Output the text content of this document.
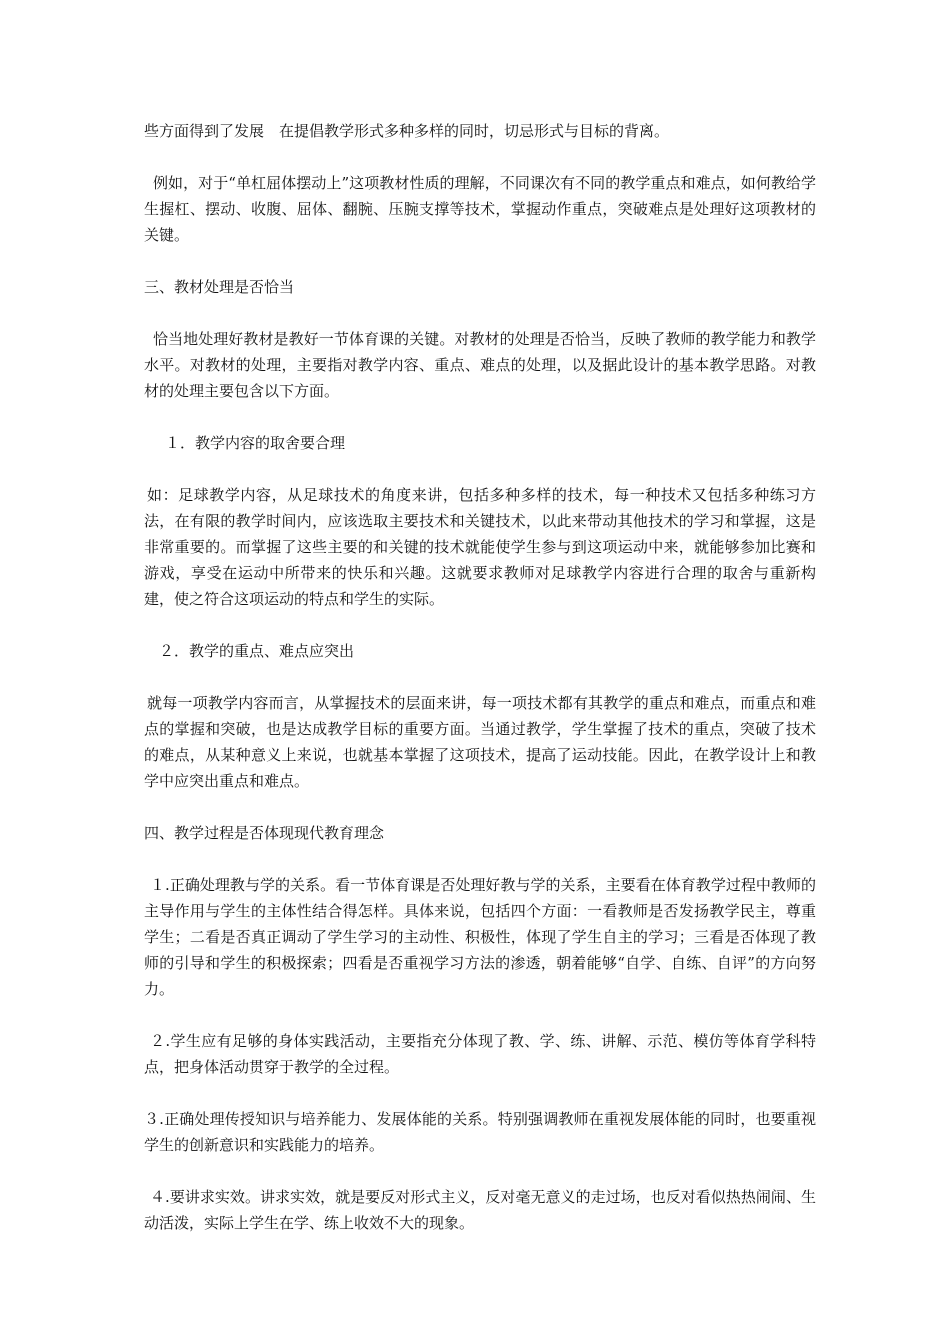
些方面得到了发展　在提倡教学形式多种多样的同时，切忌形式与目标的背离。

例如，对于“单杠屈体摆动上”这项教材性质的理解，不同课次有不同的教学重点和难点，如何教给学生握杠、摆动、收腹、屈体、翻腕、压腕支撑等技术，掌握动作重点，突破难点是处理好这项教材的关键。

三、教材处理是否恰当

恰当地处理好教材是教好一节体育课的关键。对教材的处理是否恰当，反映了教师的教学能力和教学水平。对教材的处理，主要指对教学内容、重点、难点的处理，以及据此设计的基本教学思路。对教材的处理主要包含以下方面。

１．教学内容的取舍要合理

如：足球教学内容，从足球技术的角度来讲，包括多种多样的技术，每一种技术又包括多种练习方法，在有限的教学时间内，应该选取主要技术和关键技术，以此来带动其他技术的学习和掌握，这是非常重要的。而掌握了这些主要的和关键的技术就能使学生参与到这项运动中来，就能够参加比赛和游戏，享受在运动中所带来的快乐和兴趣。这就要求教师对足球教学内容进行合理的取舍与重新构建，使之符合这项运动的特点和学生的实际。

２．教学的重点、难点应突出

就每一项教学内容而言，从掌握技术的层面来讲，每一项技术都有其教学的重点和难点，而重点和难点的掌握和突破，也是达成教学目标的重要方面。当通过教学，学生掌握了技术的重点，突破了技术的难点，从某种意义上来说，也就基本掌握了这项技术，提高了运动技能。因此，在教学设计上和教学中应突出重点和难点。

四、教学过程是否体现现代教育理念

１.正确处理教与学的关系。看一节体育课是否处理好教与学的关系，主要看在体育教学过程中教师的主导作用与学生的主体性结合得怎样。具体来说，包括四个方面：一看教师是否发扬教学民主，尊重学生；二看是否真正调动了学生学习的主动性、积极性，体现了学生自主的学习；三看是否体现了教师的引导和学生的积极探索；四看是否重视学习方法的渗透，朝着能够“自学、自练、自评”的方向努力。

２.学生应有足够的身体实践活动，主要指充分体现了教、学、练、讲解、示范、模仿等体育学科特点，把身体活动贯穿于教学的全过程。

３.正确处理传授知识与培养能力、发展体能的关系。特别强调教师在重视发展体能的同时，也要重视学生的创新意识和实践能力的培养。

４.要讲求实效。讲求实效，就是要反对形式主义，反对毫无意义的走过场，也反对看似热热闹闹、生动活泼，实际上学生在学、练上收效不大的现象。
